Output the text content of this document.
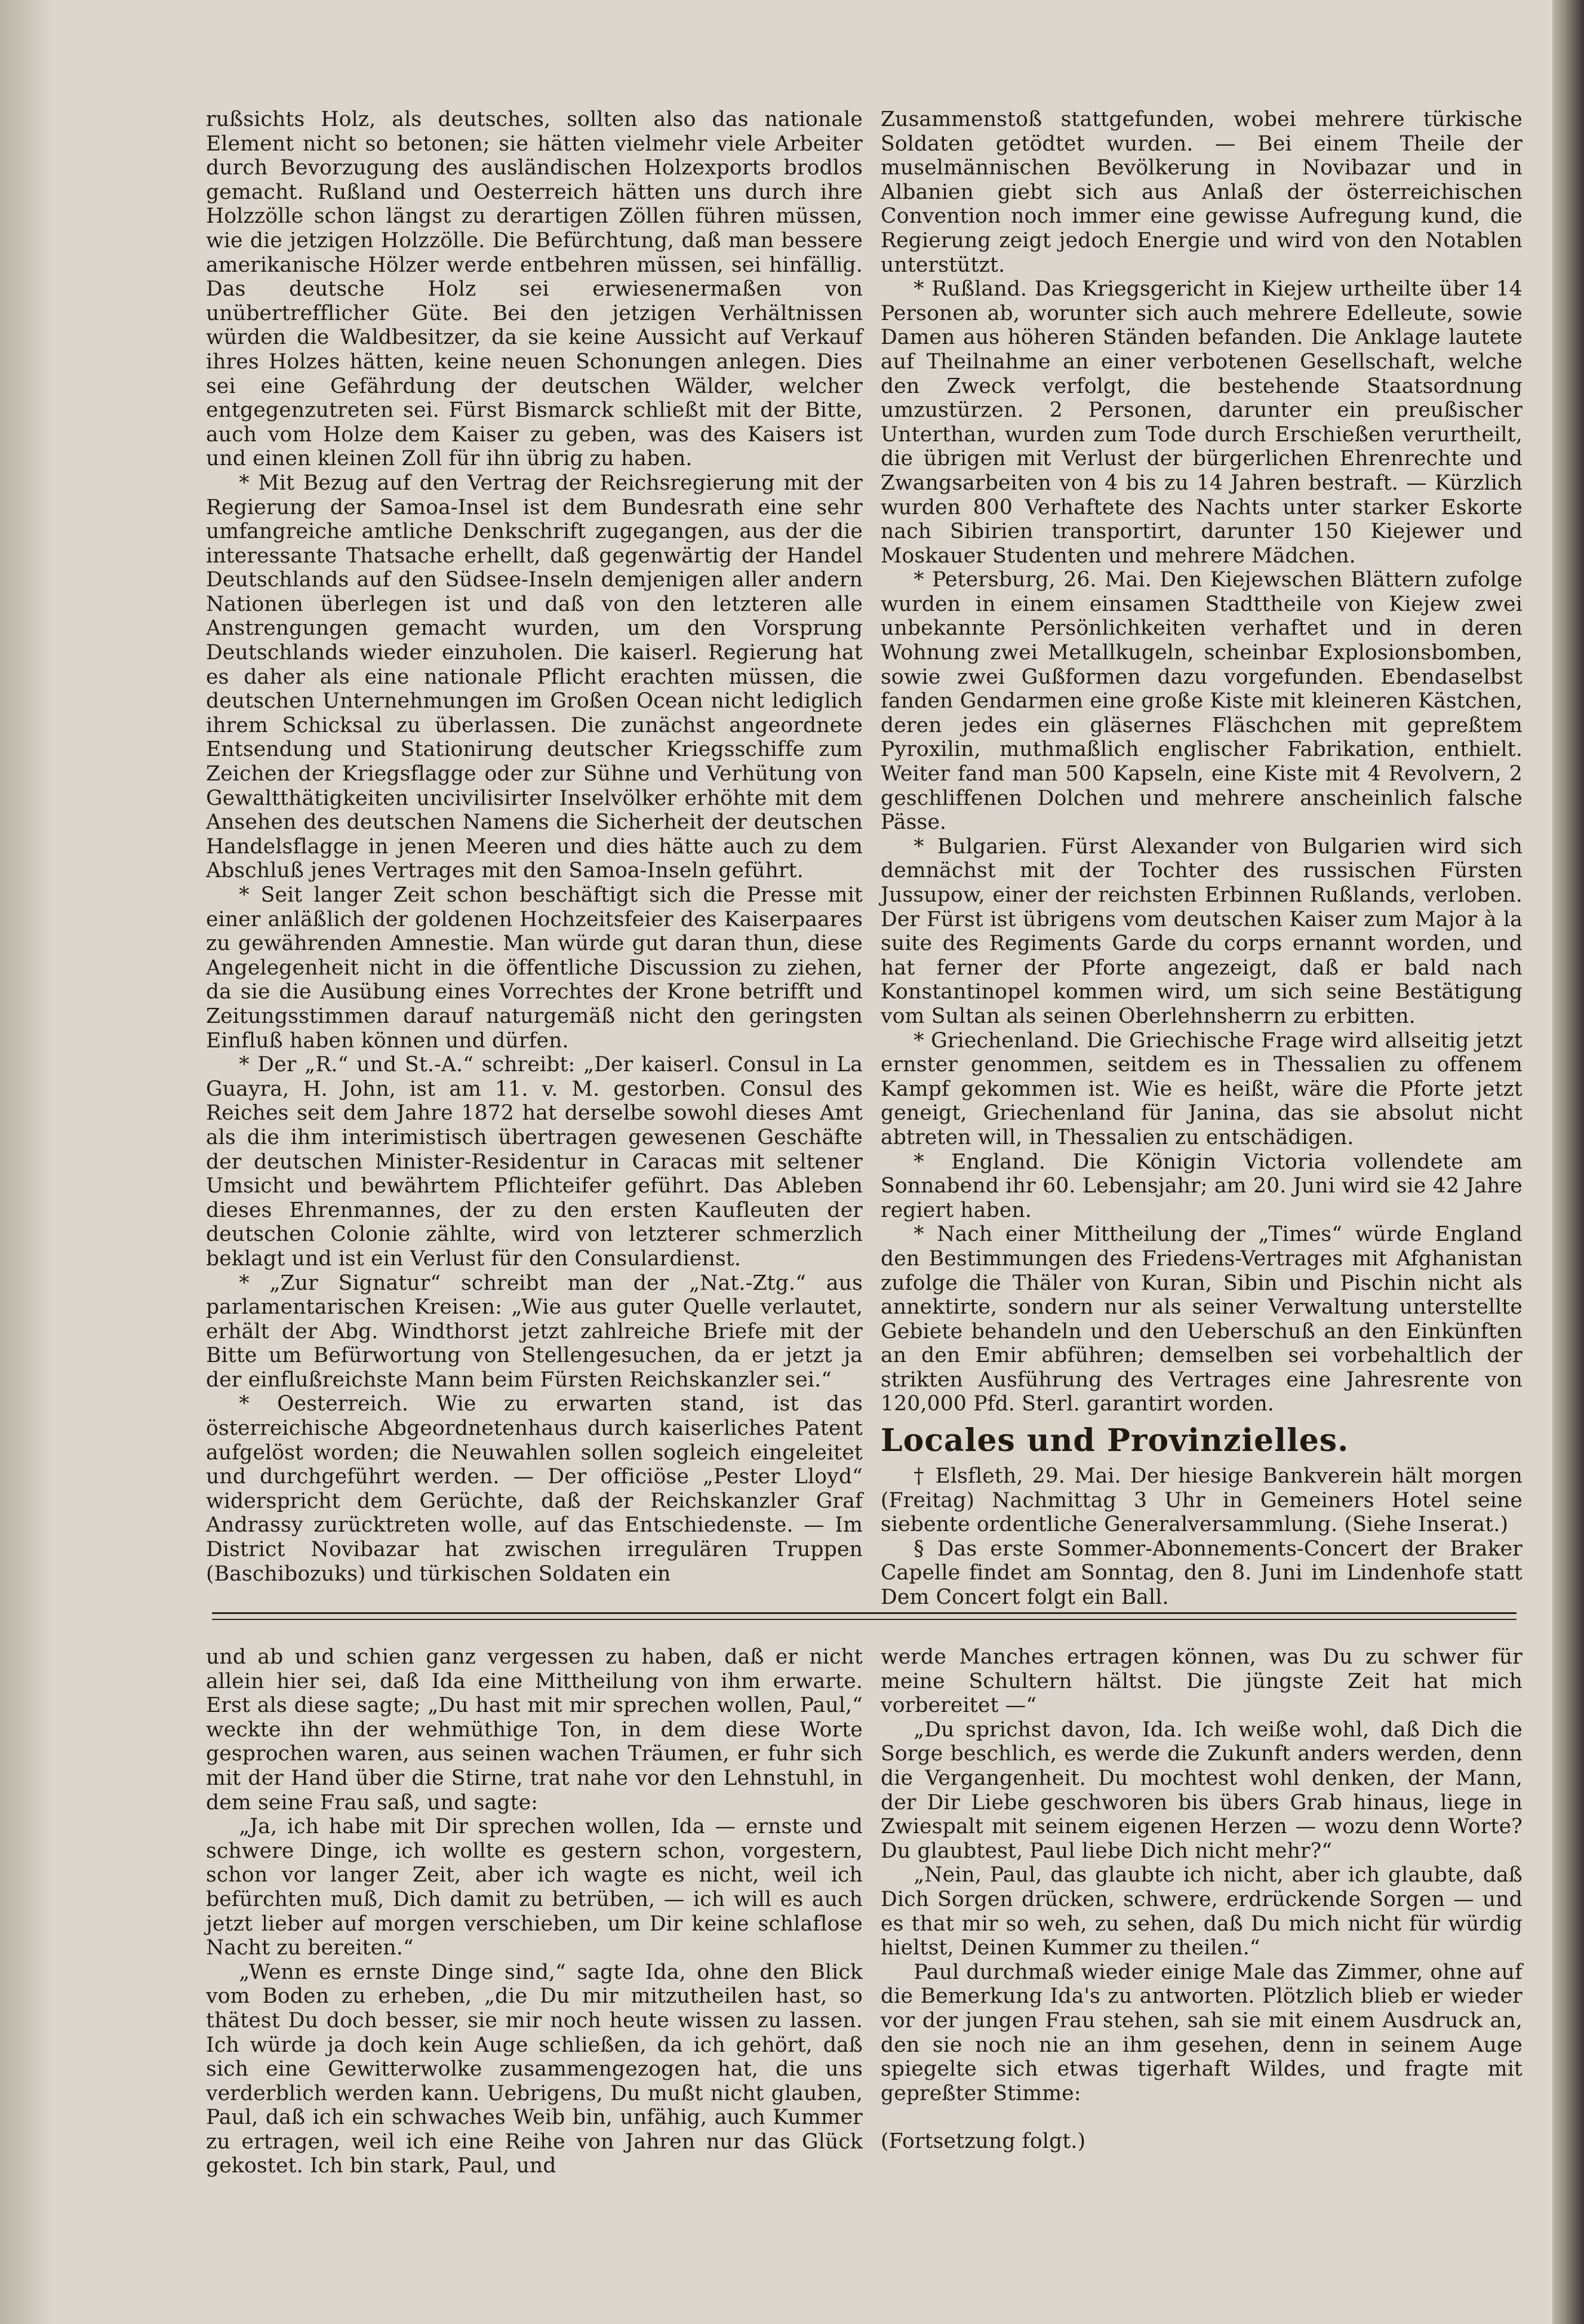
rußsichts Holz, als deutsches, sollten also das nationale Element nicht so betonen; sie hätten vielmehr viele Arbeiter durch Bevorzugung des ausländischen Holzexports brodlos gemacht. Rußland und Oesterreich hätten uns durch ihre Holzzölle schon längst zu derartigen Zöllen führen müssen, wie die jetzigen Holzzölle. Die Befürchtung, daß man bessere amerikanische Hölzer werde entbehren müssen, sei hinfällig. Das deutsche Holz sei erwiesenermaßen von unübertrefflicher Güte. Bei den jetzigen Verhältnissen würden die Waldbesitzer, da sie keine Aussicht auf Verkauf ihres Holzes hätten, keine neuen Schonungen anlegen. Dies sei eine Gefährdung der deutschen Wälder, welcher entgegenzutreten sei. Fürst Bismarck schließt mit der Bitte, auch vom Holze dem Kaiser zu geben, was des Kaisers ist und einen kleinen Zoll für ihn übrig zu haben.

* Mit Bezug auf den Vertrag der Reichsregierung mit der Regierung der Samoa-Insel ist dem Bundesrath eine sehr umfangreiche amtliche Denkschrift zugegangen, aus der die interessante Thatsache erhellt, daß gegenwärtig der Handel Deutschlands auf den Südsee-Inseln demjenigen aller andern Nationen überlegen ist und daß von den letzteren alle Anstrengungen gemacht wurden, um den Vorsprung Deutschlands wieder einzuholen. Die kaiserl. Regierung hat es daher als eine nationale Pflicht erachten müssen, die deutschen Unternehmungen im Großen Ocean nicht lediglich ihrem Schicksal zu überlassen. Die zunächst angeordnete Entsendung und Stationirung deutscher Kriegsschiffe zum Zeichen der Kriegsflagge oder zur Sühne und Verhütung von Gewaltthätigkeiten uncivilisirter Inselvölker erhöhte mit dem Ansehen des deutschen Namens die Sicherheit der deutschen Handelsflagge in jenen Meeren und dies hätte auch zu dem Abschluß jenes Vertrages mit den Samoa-Inseln geführt.

* Seit langer Zeit schon beschäftigt sich die Presse mit einer anläßlich der goldenen Hochzeitsfeier des Kaiserpaares zu gewährenden Amnestie. Man würde gut daran thun, diese Angelegenheit nicht in die öffentliche Discussion zu ziehen, da sie die Ausübung eines Vorrechtes der Krone betrifft und Zeitungsstimmen darauf naturgemäß nicht den geringsten Einfluß haben können und dürfen.

* Der „R.“ und St.-A.“ schreibt: „Der kaiserl. Consul in La Guayra, H. John, ist am 11. v. M. gestorben. Consul des Reiches seit dem Jahre 1872 hat derselbe sowohl dieses Amt als die ihm interimistisch übertragen gewesenen Geschäfte der deutschen Minister-Residentur in Caracas mit seltener Umsicht und bewährtem Pflichteifer geführt. Das Ableben dieses Ehrenmannes, der zu den ersten Kaufleuten der deutschen Colonie zählte, wird von letzterer schmerzlich beklagt und ist ein Verlust für den Consulardienst.

* „Zur Signatur“ schreibt man der „Nat.-Ztg.“ aus parlamentarischen Kreisen: „Wie aus guter Quelle verlautet, erhält der Abg. Windthorst jetzt zahlreiche Briefe mit der Bitte um Befürwortung von Stellengesuchen, da er jetzt ja der einflußreichste Mann beim Fürsten Reichskanzler sei.“

* Oesterreich. Wie zu erwarten stand, ist das österreichische Abgeordnetenhaus durch kaiserliches Patent aufgelöst worden; die Neuwahlen sollen sogleich eingeleitet und durchgeführt werden. — Der officiöse „Pester Lloyd“ widerspricht dem Gerüchte, daß der Reichskanzler Graf Andrassy zurücktreten wolle, auf das Entschiedenste. — Im District Novibazar hat zwischen irregulären Truppen (Baschibozuks) und türkischen Soldaten ein

Zusammenstoß stattgefunden, wobei mehrere türkische Soldaten getödtet wurden. — Bei einem Theile der muselmännischen Bevölkerung in Novibazar und in Albanien giebt sich aus Anlaß der österreichischen Convention noch immer eine gewisse Aufregung kund, die Regierung zeigt jedoch Energie und wird von den Notablen unterstützt.

* Rußland. Das Kriegsgericht in Kiejew urtheilte über 14 Personen ab, worunter sich auch mehrere Edelleute, sowie Damen aus höheren Ständen befanden. Die Anklage lautete auf Theilnahme an einer verbotenen Gesellschaft, welche den Zweck verfolgt, die bestehende Staatsordnung umzustürzen. 2 Personen, darunter ein preußischer Unterthan, wurden zum Tode durch Erschießen verurtheilt, die übrigen mit Verlust der bürgerlichen Ehrenrechte und Zwangsarbeiten von 4 bis zu 14 Jahren bestraft. — Kürzlich wurden 800 Verhaftete des Nachts unter starker Eskorte nach Sibirien transportirt, darunter 150 Kiejewer und Moskauer Studenten und mehrere Mädchen.

* Petersburg, 26. Mai. Den Kiejewschen Blättern zufolge wurden in einem einsamen Stadttheile von Kiejew zwei unbekannte Persönlichkeiten verhaftet und in deren Wohnung zwei Metallkugeln, scheinbar Explosionsbomben, sowie zwei Gußformen dazu vorgefunden. Ebendaselbst fanden Gendarmen eine große Kiste mit kleineren Kästchen, deren jedes ein gläsernes Fläschchen mit gepreßtem Pyroxilin, muthmaßlich englischer Fabrikation, enthielt. Weiter fand man 500 Kapseln, eine Kiste mit 4 Revolvern, 2 geschliffenen Dolchen und mehrere anscheinlich falsche Pässe.

* Bulgarien. Fürst Alexander von Bulgarien wird sich demnächst mit der Tochter des russischen Fürsten Jussupow, einer der reichsten Erbinnen Rußlands, verloben. Der Fürst ist übrigens vom deutschen Kaiser zum Major à la suite des Regiments Garde du corps ernannt worden, und hat ferner der Pforte angezeigt, daß er bald nach Konstantinopel kommen wird, um sich seine Bestätigung vom Sultan als seinen Oberlehnsherrn zu erbitten.

* Griechenland. Die Griechische Frage wird allseitig jetzt ernster genommen, seitdem es in Thessalien zu offenem Kampf gekommen ist. Wie es heißt, wäre die Pforte jetzt geneigt, Griechenland für Janina, das sie absolut nicht abtreten will, in Thessalien zu entschädigen.

* England. Die Königin Victoria vollendete am Sonnabend ihr 60. Lebensjahr; am 20. Juni wird sie 42 Jahre regiert haben.

* Nach einer Mittheilung der „Times“ würde England den Bestimmungen des Friedens-Vertrages mit Afghanistan zufolge die Thäler von Kuran, Sibin und Pischin nicht als annektirte, sondern nur als seiner Verwaltung unterstellte Gebiete behandeln und den Ueberschuß an den Einkünften an den Emir abführen; demselben sei vorbehaltlich der strikten Ausführung des Vertrages eine Jahresrente von 120,000 Pfd. Sterl. garantirt worden.

Locales und Provinzielles.

† Elsfleth, 29. Mai. Der hiesige Bankverein hält morgen (Freitag) Nachmittag 3 Uhr in Gemeiners Hotel seine siebente ordentliche Generalversammlung. (Siehe Inserat.)

§ Das erste Sommer-Abonnements-Concert der Braker Capelle findet am Sonntag, den 8. Juni im Lindenhofe statt Dem Concert folgt ein Ball.

und ab und schien ganz vergessen zu haben, daß er nicht allein hier sei, daß Ida eine Mittheilung von ihm erwarte. Erst als diese sagte; „Du hast mit mir sprechen wollen, Paul,“ weckte ihn der wehmüthige Ton, in dem diese Worte gesprochen waren, aus seinen wachen Träumen, er fuhr sich mit der Hand über die Stirne, trat nahe vor den Lehnstuhl, in dem seine Frau saß, und sagte:

„Ja, ich habe mit Dir sprechen wollen, Ida — ernste und schwere Dinge, ich wollte es gestern schon, vorgestern, schon vor langer Zeit, aber ich wagte es nicht, weil ich befürchten muß, Dich damit zu betrüben, — ich will es auch jetzt lieber auf morgen verschieben, um Dir keine schlaflose Nacht zu bereiten.“

„Wenn es ernste Dinge sind,“ sagte Ida, ohne den Blick vom Boden zu erheben, „die Du mir mitzutheilen hast, so thätest Du doch besser, sie mir noch heute wissen zu lassen. Ich würde ja doch kein Auge schließen, da ich gehört, daß sich eine Gewitterwolke zusammengezogen hat, die uns verderblich werden kann. Uebrigens, Du mußt nicht glauben, Paul, daß ich ein schwaches Weib bin, unfähig, auch Kummer zu ertragen, weil ich eine Reihe von Jahren nur das Glück gekostet. Ich bin stark, Paul, und

werde Manches ertragen können, was Du zu schwer für meine Schultern hältst. Die jüngste Zeit hat mich vorbereitet —“

„Du sprichst davon, Ida. Ich weiße wohl, daß Dich die Sorge beschlich, es werde die Zukunft anders werden, denn die Vergangenheit. Du mochtest wohl denken, der Mann, der Dir Liebe geschworen bis übers Grab hinaus, liege in Zwiespalt mit seinem eigenen Herzen — wozu denn Worte? Du glaubtest, Paul liebe Dich nicht mehr?“

„Nein, Paul, das glaubte ich nicht, aber ich glaubte, daß Dich Sorgen drücken, schwere, erdrückende Sorgen — und es that mir so weh, zu sehen, daß Du mich nicht für würdig hieltst, Deinen Kummer zu theilen.“

Paul durchmaß wieder einige Male das Zimmer, ohne auf die Bemerkung Ida's zu antworten. Plötzlich blieb er wieder vor der jungen Frau stehen, sah sie mit einem Ausdruck an, den sie noch nie an ihm gesehen, denn in seinem Auge spiegelte sich etwas tigerhaft Wildes, und fragte mit gepreßter Stimme:

(Fortsetzung folgt.)
